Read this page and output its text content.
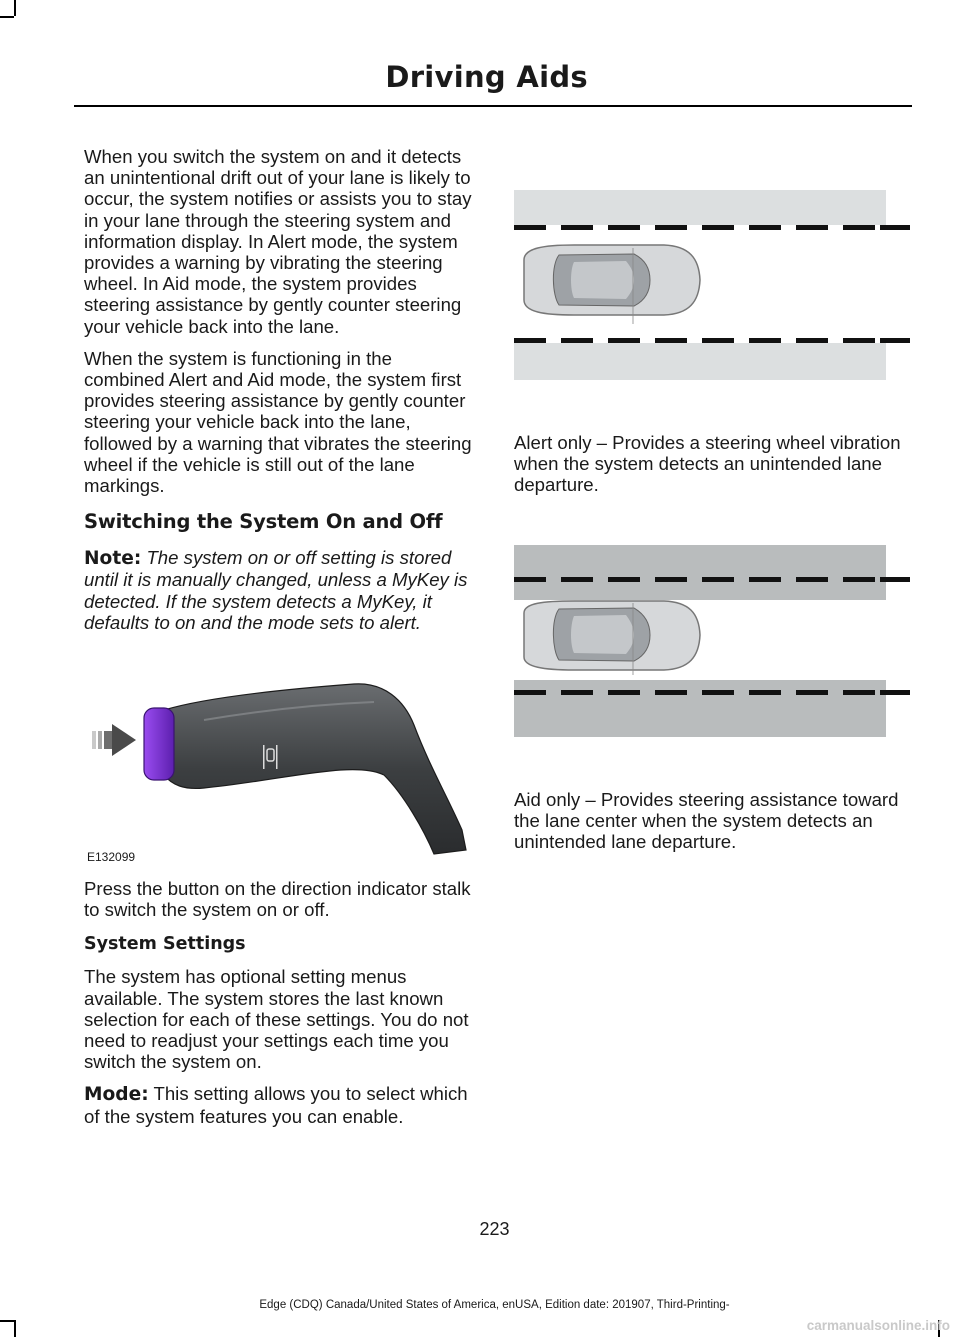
Driving Aids

When you switch the system on and it detects an unintentional drift out of your lane is likely to occur, the system notifies or assists you to stay in your lane through the steering system and information display. In Alert mode, the system provides a warning by vibrating the steering wheel. In Aid mode, the system provides steering assistance by gently counter steering your vehicle back into the lane.

When the system is functioning in the combined Alert and Aid mode, the system first provides steering assistance by gently counter steering your vehicle back into the lane, followed by a warning that vibrates the steering wheel if the vehicle is still out of the lane markings.

Switching the System On and Off

Note: The system on or off setting is stored until it is manually changed, unless a MyKey is detected. If the system detects a MyKey, it defaults to on and the mode sets to alert.

E132099

Press the button on the direction indicator stalk to switch the system on or off.

System Settings

The system has optional setting menus available. The system stores the last known selection for each of these settings. You do not need to readjust your settings each time you switch the system on.

Mode: This setting allows you to select which of the system features you can enable.

Alert only – Provides a steering wheel vibration when the system detects an unintended lane departure.

Aid only – Provides steering assistance toward the lane center when the system detects an unintended lane departure.

223
Edge (CDQ) Canada/United States of America, enUSA, Edition date: 201907, Third-Printing-
carmanualsonline.info
